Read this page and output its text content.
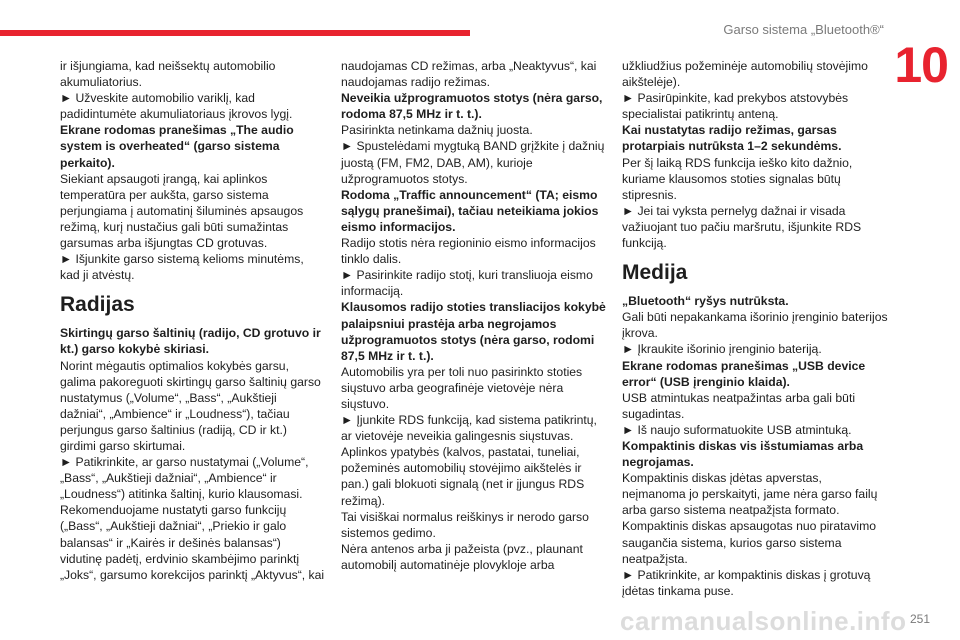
Garso sistema „Bluetooth®“
10

ir išjungiama, kad neišsektų automobilio akumuliatorius.

► Užveskite automobilio variklį, kad padidintumėte akumuliatoriaus įkrovos lygį.

Ekrane rodomas pranešimas „The audio system is overheated“ (garso sistema perkaito).

Siekiant apsaugoti įrangą, kai aplinkos temperatūra per aukšta, garso sistema perjungiama į automatinį šiluminės apsaugos režimą, kurį nustačius gali būti sumažintas garsumas arba išjungtas CD grotuvas.

► Išjunkite garso sistemą kelioms minutėms, kad ji atvėstų.

Radijas

Skirtingų garso šaltinių (radijo, CD grotuvo ir kt.) garso kokybė skiriasi.

Norint mėgautis optimalios kokybės garsu, galima pakoreguoti skirtingų garso šaltinių garso nustatymus („Volume“, „Bass“, „Aukštieji dažniai“, „Ambience“ ir „Loudness“), tačiau perjungus garso šaltinius (radiją, CD ir kt.) girdimi garso skirtumai.

► Patikrinkite, ar garso nustatymai („Volume“, „Bass“, „Aukštieji dažniai“, „Ambience“ ir „Loudness“) atitinka šaltinį, kurio klausomasi. Rekomenduojame nustatyti garso funkcijų („Bass“, „Aukštieji dažniai“, „Priekio ir galo balansas“ ir „Kairės ir dešinės balansas“) vidutinę padėtį, erdvinio skambėjimo parinktį „Joks“, garsumo korekcijos parinktį „Aktyvus“, kai

naudojamas CD režimas, arba „Neaktyvus“, kai naudojamas radijo režimas.

Neveikia užprogramuotos stotys (nėra garso, rodoma 87,5 MHz ir t. t.).

Pasirinkta netinkama dažnių juosta.

► Spustelėdami mygtuką BAND grįžkite į dažnių juostą (FM, FM2, DAB, AM), kurioje užprogramuotos stotys.

Rodoma „Traffic announcement“ (TA; eismo sąlygų pranešimai), tačiau neteikiama jokios eismo informacijos.

Radijo stotis nėra regioninio eismo informacijos tinklo dalis.

► Pasirinkite radijo stotį, kuri transliuoja eismo informaciją.

Klausomos radijo stoties transliacijos kokybė palaipsniui prastėja arba negrojamos užprogramuotos stotys (nėra garso, rodomi 87,5 MHz ir t. t.).

Automobilis yra per toli nuo pasirinkto stoties siųstuvo arba geografinėje vietovėje nėra siųstuvo.

► Įjunkite RDS funkciją, kad sistema patikrintų, ar vietovėje neveikia galingesnis siųstuvas.

Aplinkos ypatybės (kalvos, pastatai, tuneliai, požeminės automobilių stovėjimo aikštelės ir pan.) gali blokuoti signalą (net ir įjungus RDS režimą).

Tai visiškai normalus reiškinys ir nerodo garso sistemos gedimo.

Nėra antenos arba ji pažeista (pvz., plaunant automobilį automatinėje plovykloje arba

užkliudžius požeminėje automobilių stovėjimo aikštelėje).

► Pasirūpinkite, kad prekybos atstovybės specialistai patikrintų anteną.

Kai nustatytas radijo režimas, garsas protarpiais nutrūksta 1–2 sekundėms.

Per šį laiką RDS funkcija ieško kito dažnio, kuriame klausomos stoties signalas būtų stipresnis.

► Jei tai vyksta pernelyg dažnai ir visada važiuojant tuo pačiu maršrutu, išjunkite RDS funkciją.

Medija

„Bluetooth“ ryšys nutrūksta.

Gali būti nepakankama išorinio įrenginio baterijos įkrova.

► Įkraukite išorinio įrenginio bateriją.

Ekrane rodomas pranešimas „USB device error“ (USB įrenginio klaida).

USB atmintukas neatpažintas arba gali būti sugadintas.

► Iš naujo suformatuokite USB atmintuką.

Kompaktinis diskas vis išstumiamas arba negrojamas.

Kompaktinis diskas įdėtas apverstas, neįmanoma jo perskaityti, jame nėra garso failų arba garso sistema neatpažįsta formato.

Kompaktinis diskas apsaugotas nuo piratavimo saugančia sistema, kurios garso sistema neatpažįsta.

► Patikrinkite, ar kompaktinis diskas į grotuvą įdėtas tinkama puse.

carmanualsonline.info 251
